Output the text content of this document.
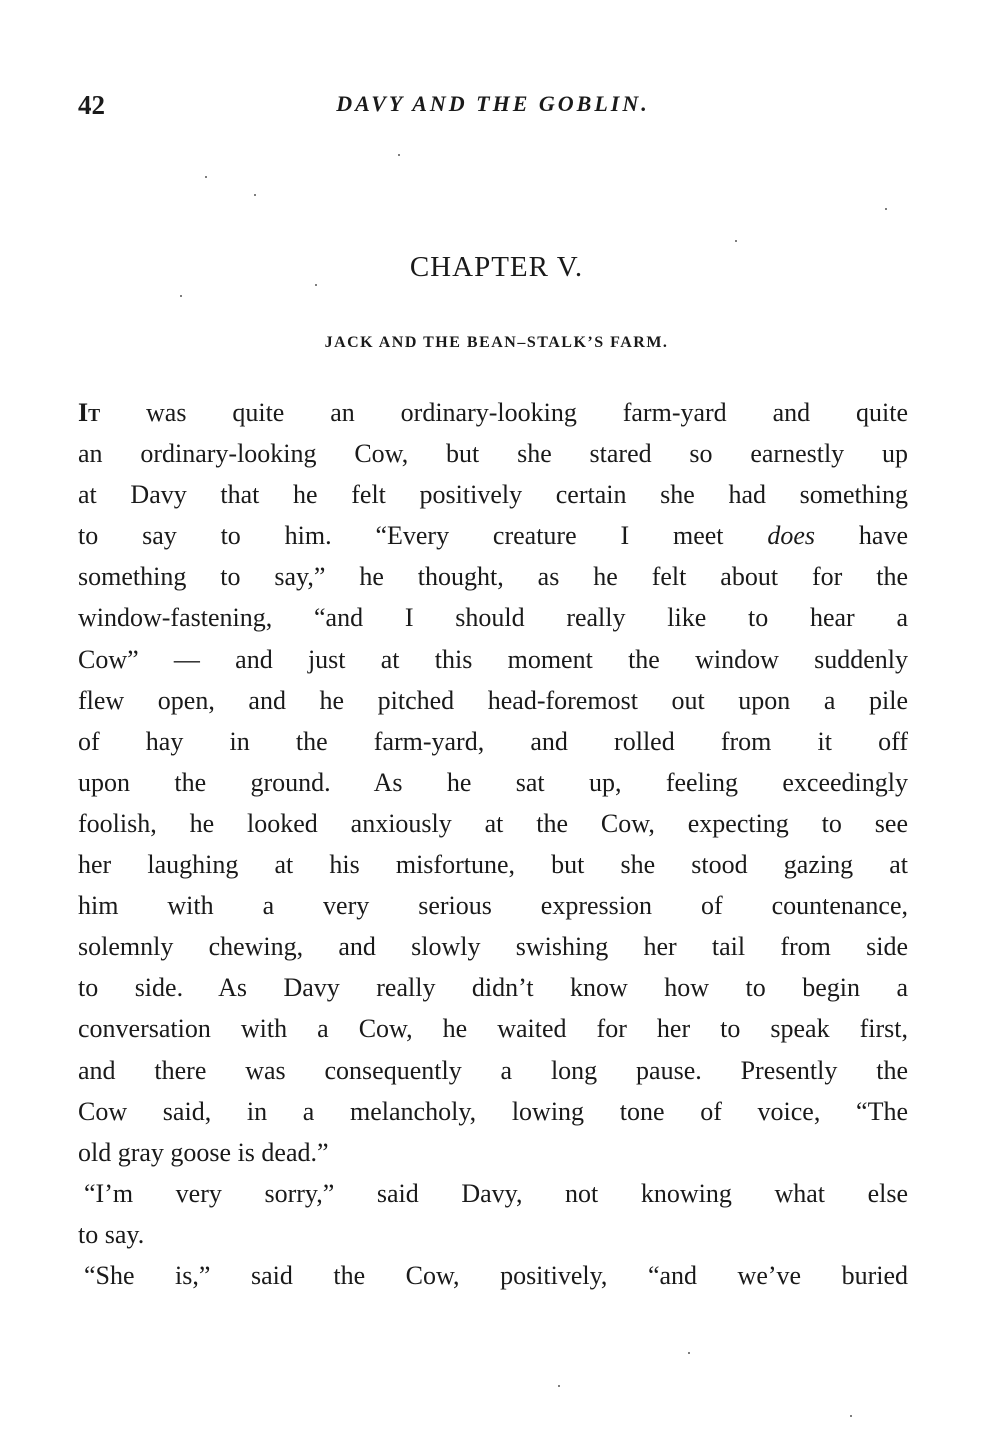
42	DAVY AND THE GOBLIN.
CHAPTER V.
JACK AND THE BEAN–STALK’S FARM.
It was quite an ordinary-looking farm-yard and quite
an ordinary-looking Cow, but she stared so earnestly up
at Davy that he felt positively certain she had something
to say to him. “Every creature I meet does have
something to say,” he thought, as he felt about for the
window-fastening, “and I should really like to hear a
Cow” — and just at this moment the window suddenly
flew open, and he pitched head-foremost out upon a pile
of hay in the farm-yard, and rolled from it off
upon the ground. As he sat up, feeling exceedingly
foolish, he looked anxiously at the Cow, expecting to see
her laughing at his misfortune, but she stood gazing at
him with a very serious expression of countenance,
solemnly chewing, and slowly swishing her tail from side
to side. As Davy really didn’t know how to begin a
conversation with a Cow, he waited for her to speak first,
and there was consequently a long pause. Presently the
Cow said, in a melancholy, lowing tone of voice, “The
old gray goose is dead.”
“I’m very sorry,” said Davy, not knowing what else
to say.
“She is,” said the Cow, positively, “and we’ve buried
